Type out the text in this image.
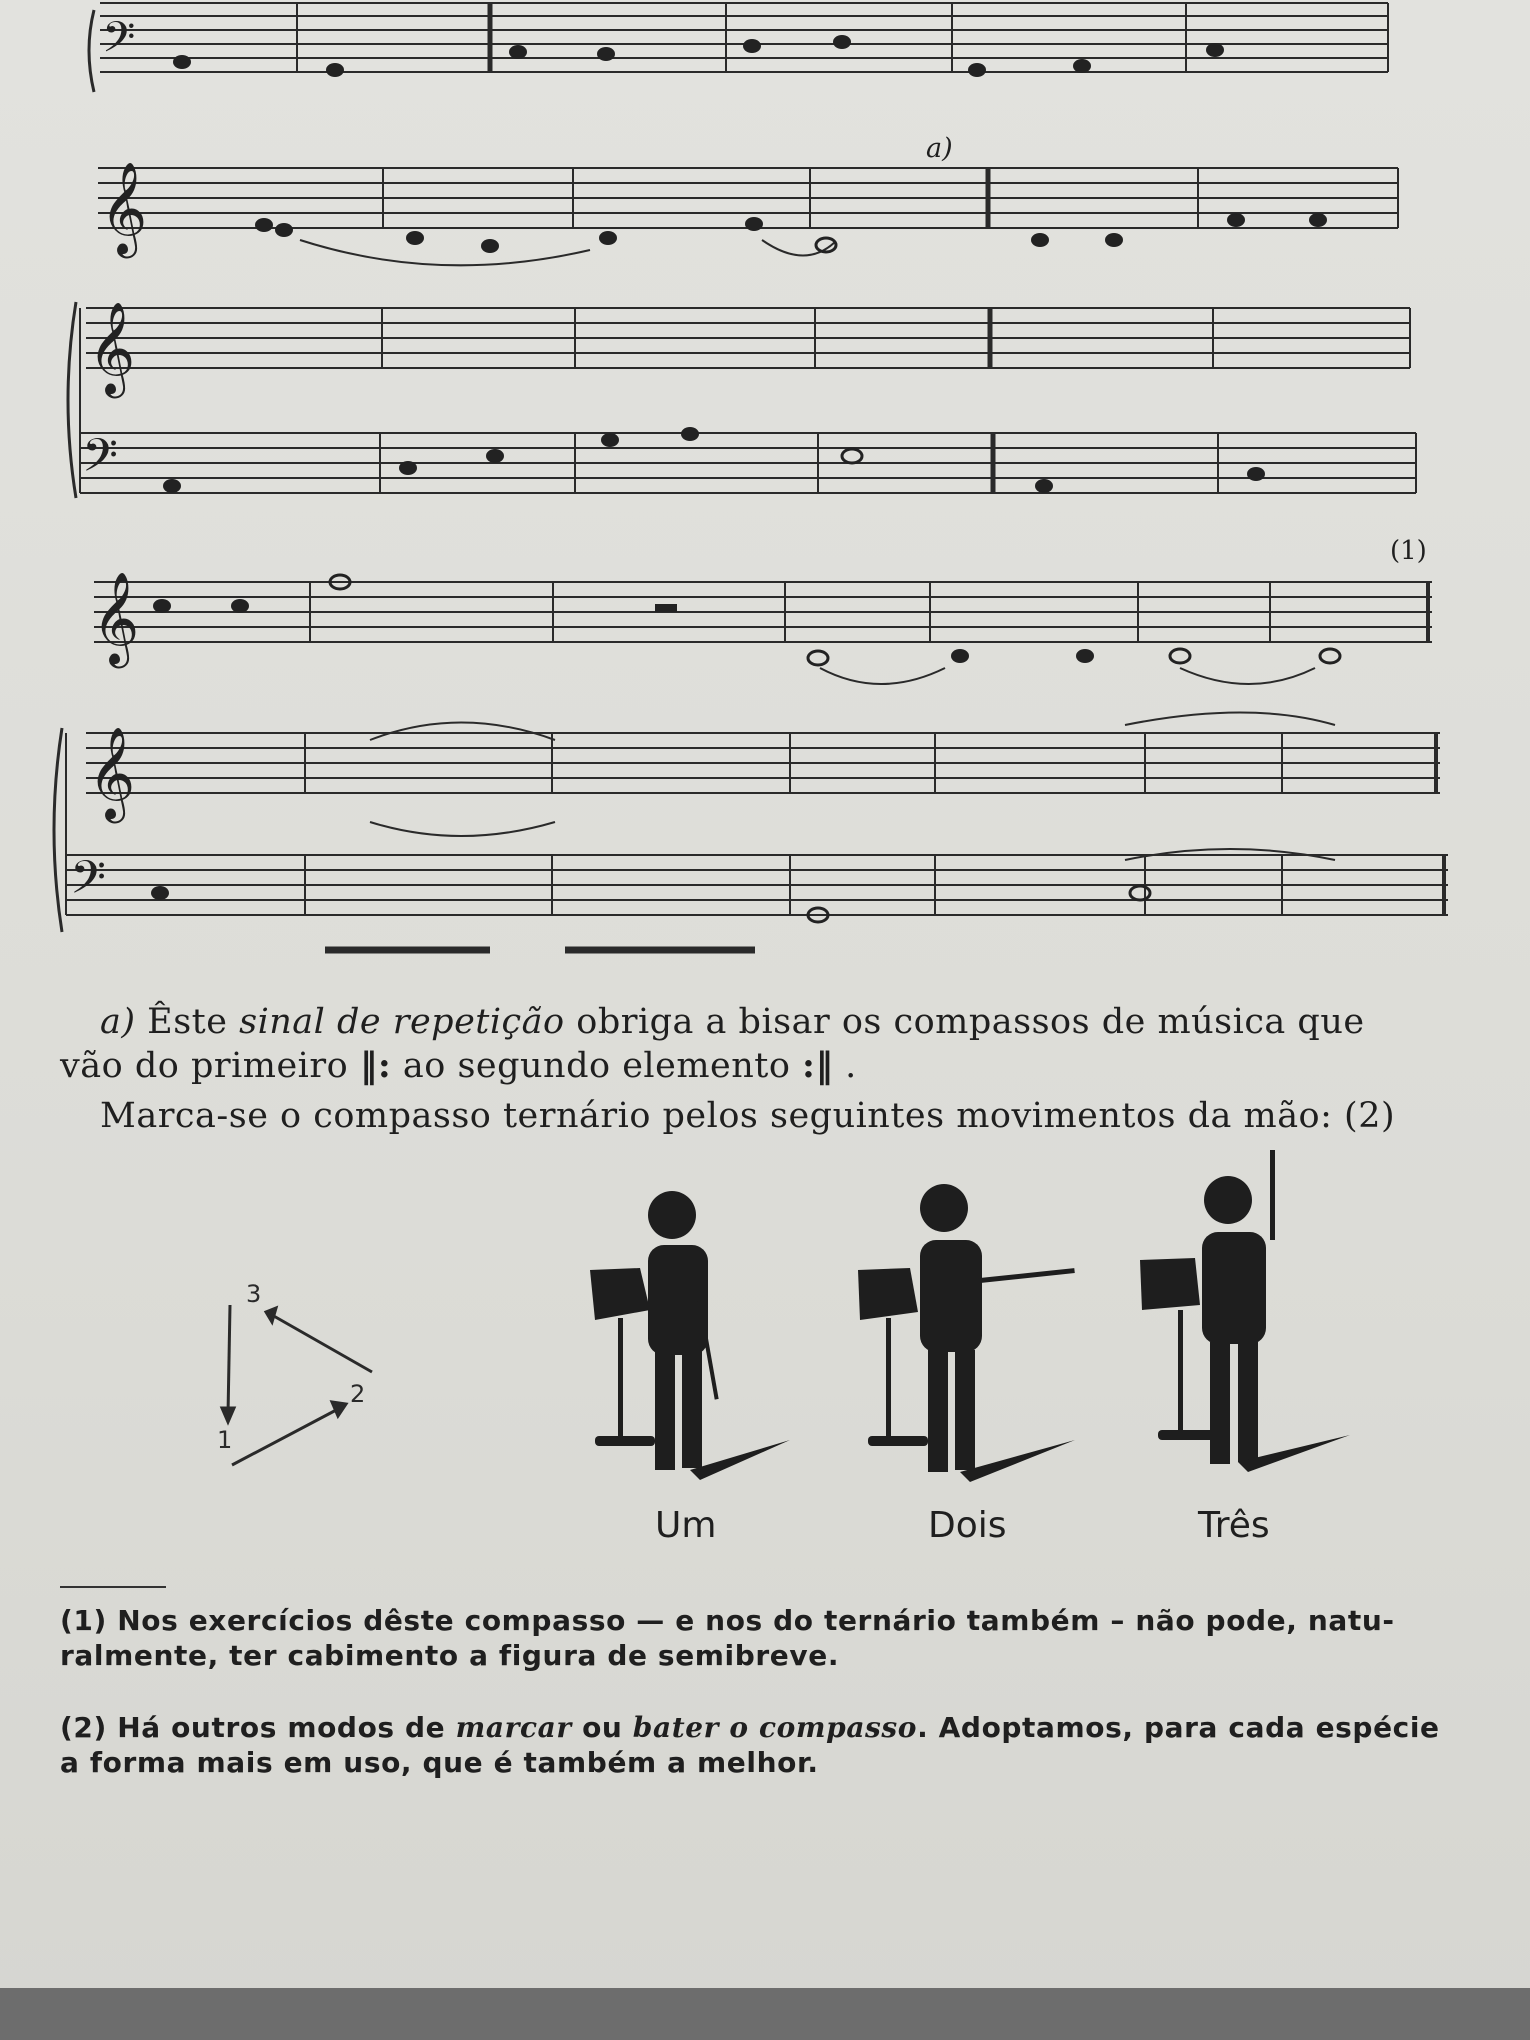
𝄞
𝄞
𝄞
𝄞
𝄢
𝄢
𝄢
a)
(1)
a) Êste sinal de repetição obriga a bisar os compassos de música que
vão do primeiro ‖: ao segundo elemento :‖ .
Marca-se o compasso ternário pelos seguintes movimentos da mão: (2)
1
2
3
Um	Dois	Três
(1) Nos exercícios dêste compasso — e nos do ternário também – não pode, natu-
ralmente, ter cabimento a figura de semibreve.
(2) Há outros modos de marcar ou bater o compasso. Adoptamos, para cada espécie
a forma mais em uso, que é também a melhor.
